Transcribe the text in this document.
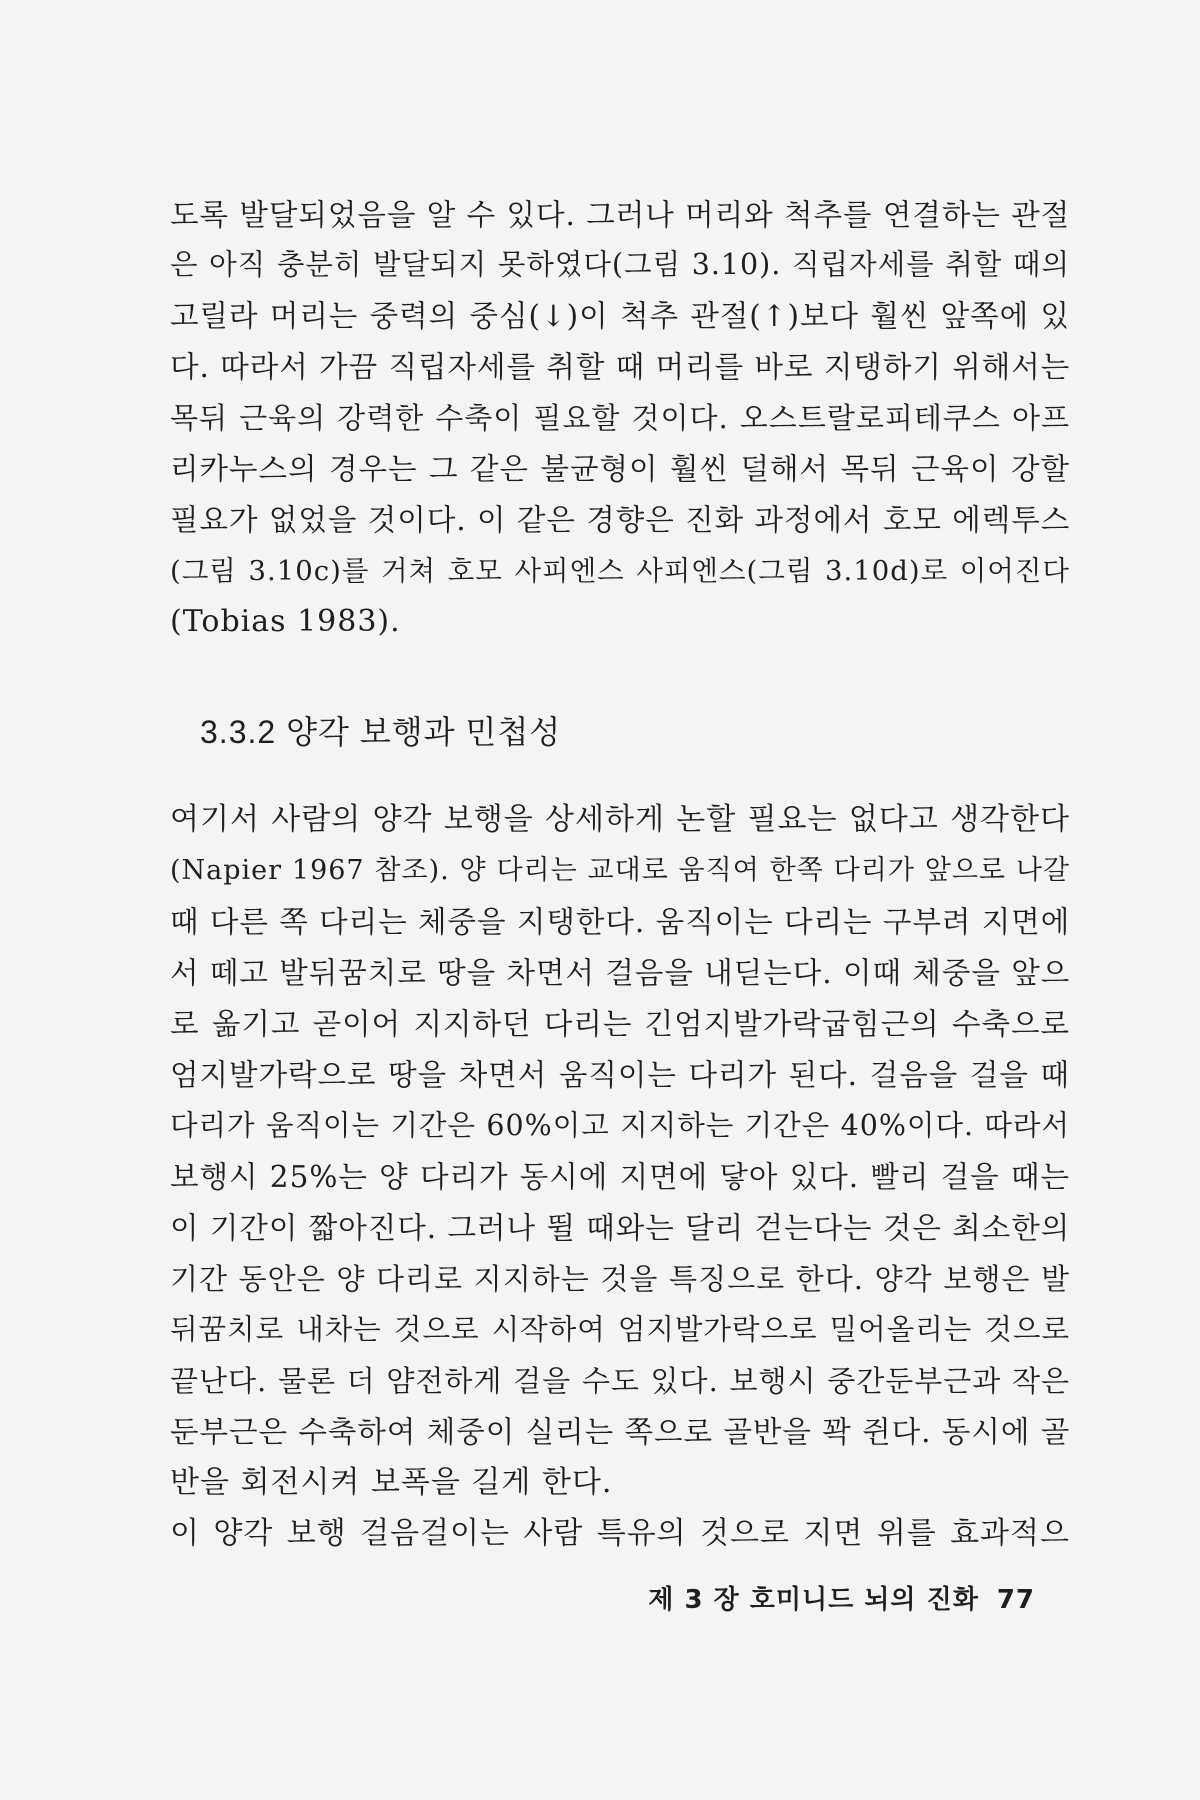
도록 발달되었음을 알 수 있다. 그러나 머리와 척추를 연결하는 관절
은 아직 충분히 발달되지 못하였다(그림 3.10). 직립자세를 취할 때의
고릴라 머리는 중력의 중심(↓)이 척추 관절(↑)보다 훨씬 앞쪽에 있
다. 따라서 가끔 직립자세를 취할 때 머리를 바로 지탱하기 위해서는
목뒤 근육의 강력한 수축이 필요할 것이다. 오스트랄로피테쿠스 아프
리카누스의 경우는 그 같은 불균형이 훨씬 덜해서 목뒤 근육이 강할
필요가 없었을 것이다. 이 같은 경향은 진화 과정에서 호모 에렉투스
(그림 3.10c)를 거쳐 호모 사피엔스 사피엔스(그림 3.10d)로 이어진다
(Tobias 1983).
3.3.2 양각 보행과 민첩성
여기서 사람의 양각 보행을 상세하게 논할 필요는 없다고 생각한다
(Napier 1967 참조). 양 다리는 교대로 움직여 한쪽 다리가 앞으로 나갈
때 다른 쪽 다리는 체중을 지탱한다. 움직이는 다리는 구부려 지면에
서 떼고 발뒤꿈치로 땅을 차면서 걸음을 내딛는다. 이때 체중을 앞으
로 옮기고 곧이어 지지하던 다리는 긴엄지발가락굽힘근의 수축으로
엄지발가락으로 땅을 차면서 움직이는 다리가 된다. 걸음을 걸을 때
다리가 움직이는 기간은 60%이고 지지하는 기간은 40%이다. 따라서
보행시 25%는 양 다리가 동시에 지면에 닿아 있다. 빨리 걸을 때는
이 기간이 짧아진다. 그러나 뛸 때와는 달리 걷는다는 것은 최소한의
기간 동안은 양 다리로 지지하는 것을 특징으로 한다. 양각 보행은 발
뒤꿈치로 내차는 것으로 시작하여 엄지발가락으로 밀어올리는 것으로
끝난다. 물론 더 얌전하게 걸을 수도 있다. 보행시 중간둔부근과 작은
둔부근은 수축하여 체중이 실리는 쪽으로 골반을 꽉 쥔다. 동시에 골
반을 회전시켜 보폭을 길게 한다.
이 양각 보행 걸음걸이는 사람 특유의 것으로 지면 위를 효과적으
제 3 장 호미니드 뇌의 진화 77
